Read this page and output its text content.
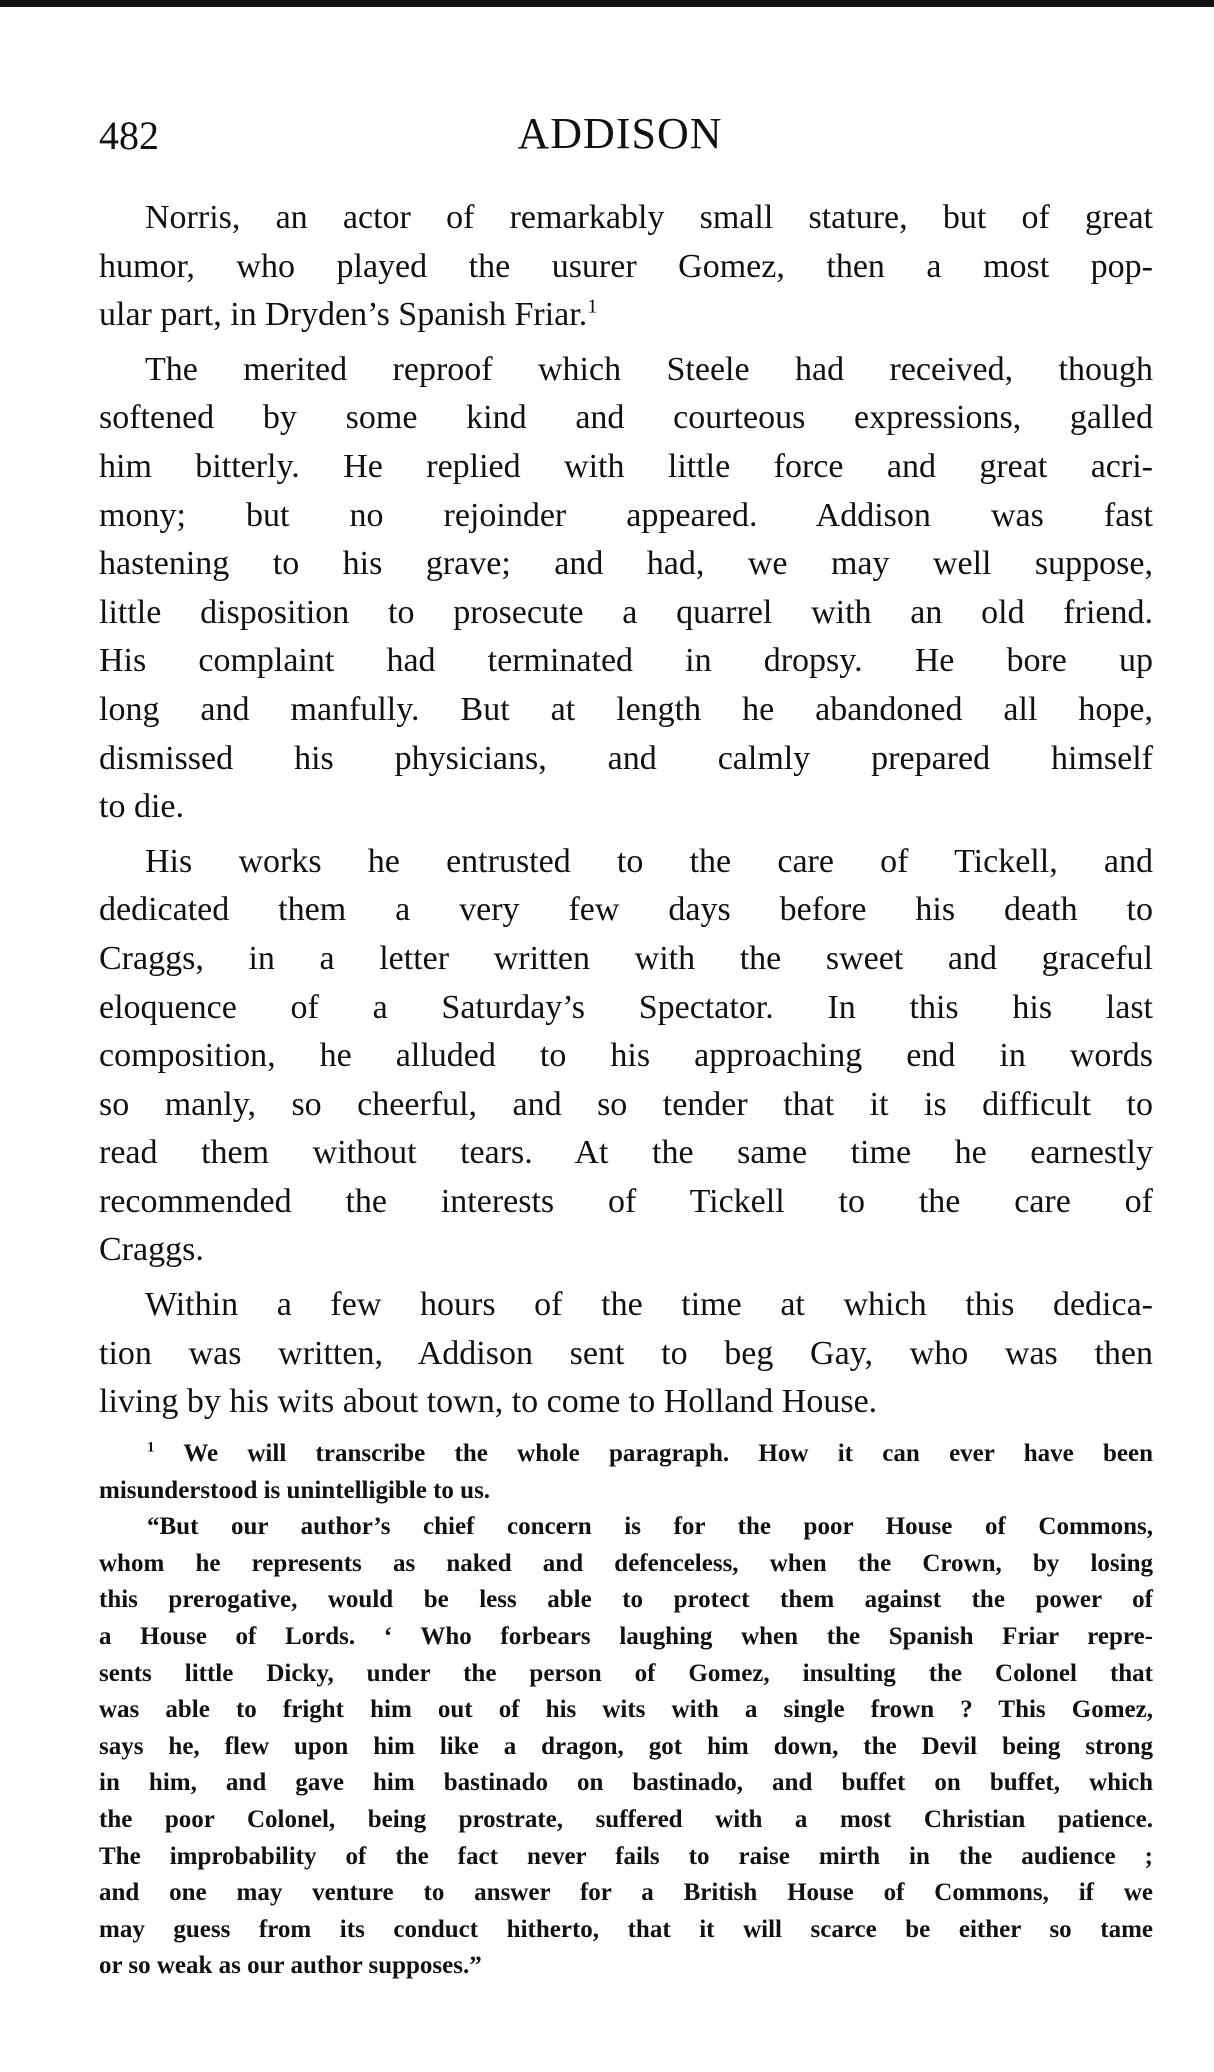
482	ADDISON
Norris, an actor of remarkably small stature, but of great
humor, who played the usurer Gomez, then a most pop-
ular part, in Dryden’s Spanish Friar.$^1$
The merited reproof which Steele had received, though
softened by some kind and courteous expressions, galled
him bitterly. He replied with little force and great acri-
mony; but no rejoinder appeared. Addison was fast
hastening to his grave; and had, we may well suppose,
little disposition to prosecute a quarrel with an old friend.
His complaint had terminated in dropsy. He bore up
long and manfully. But at length he abandoned all hope,
dismissed his physicians, and calmly prepared himself
to die.
His works he entrusted to the care of Tickell, and
dedicated them a very few days before his death to
Craggs, in a letter written with the sweet and graceful
eloquence of a Saturday’s Spectator. In this his last
composition, he alluded to his approaching end in words
so manly, so cheerful, and so tender that it is difficult to
read them without tears. At the same time he earnestly
recommended the interests of Tickell to the care of
Craggs.
Within a few hours of the time at which this dedica-
tion was written, Addison sent to beg Gay, who was then
living by his wits about town, to come to Holland House.
$^1$ We will transcribe the whole paragraph. How it can ever have been
misunderstood is unintelligible to us.
“But our author’s chief concern is for the poor House of Commons,
whom he represents as naked and defenceless, when the Crown, by losing
this prerogative, would be less able to protect them against the power of
a House of Lords. ‘ Who forbears laughing when the Spanish Friar repre-
sents little Dicky, under the person of Gomez, insulting the Colonel that
was able to fright him out of his wits with a single frown ? This Gomez,
says he, flew upon him like a dragon, got him down, the Devil being strong
in him, and gave him bastinado on bastinado, and buffet on buffet, which
the poor Colonel, being prostrate, suffered with a most Christian patience.
The improbability of the fact never fails to raise mirth in the audience ;
and one may venture to answer for a British House of Commons, if we
may guess from its conduct hitherto, that it will scarce be either so tame
or so weak as our author supposes.”
